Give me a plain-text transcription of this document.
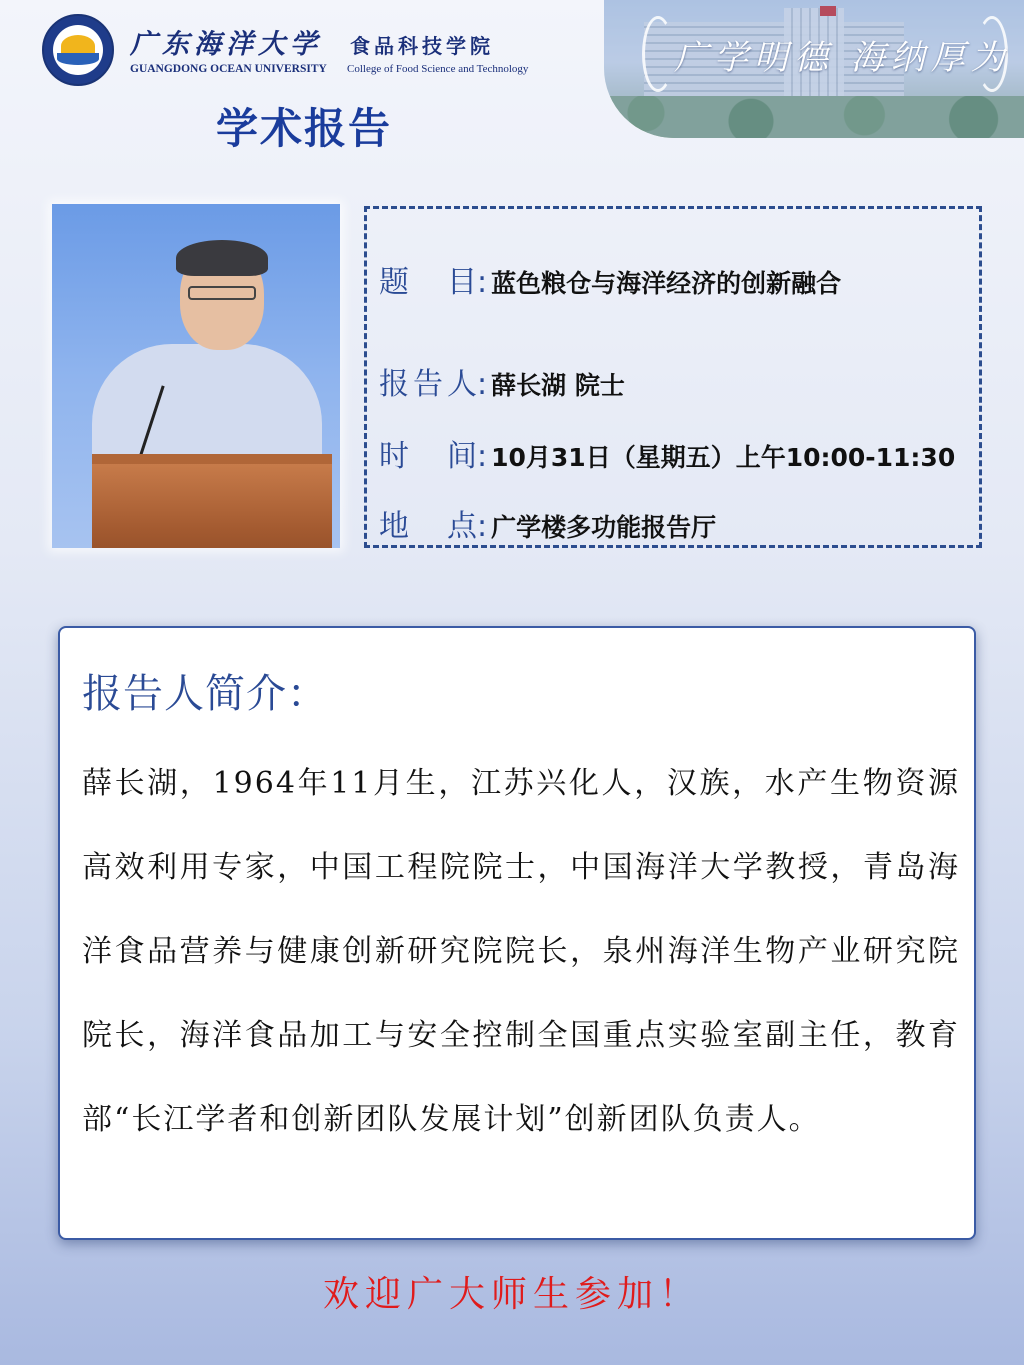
广东海洋大学 食品科技学院
GUANGDONG OCEAN UNIVERSITY College of Food Science and Technology	广学明德 海纳厚为
学术报告
题目 : 蓝色粮仓与海洋经济的创新融合
报告人 : 薛长湖 院士
时间 : 10月31日（星期五）上午10:00-11:30
地点 : 广学楼多功能报告厅
报告人简介：
薛长湖，1964年11月生，江苏兴化人，汉族，水产生物资源高效利用专家，中国工程院院士，中国海洋大学教授，青岛海洋食品营养与健康创新研究院院长，泉州海洋生物产业研究院院长，海洋食品加工与安全控制全国重点实验室副主任，教育部“长江学者和创新团队发展计划”创新团队负责人。
欢迎广大师生参加！
